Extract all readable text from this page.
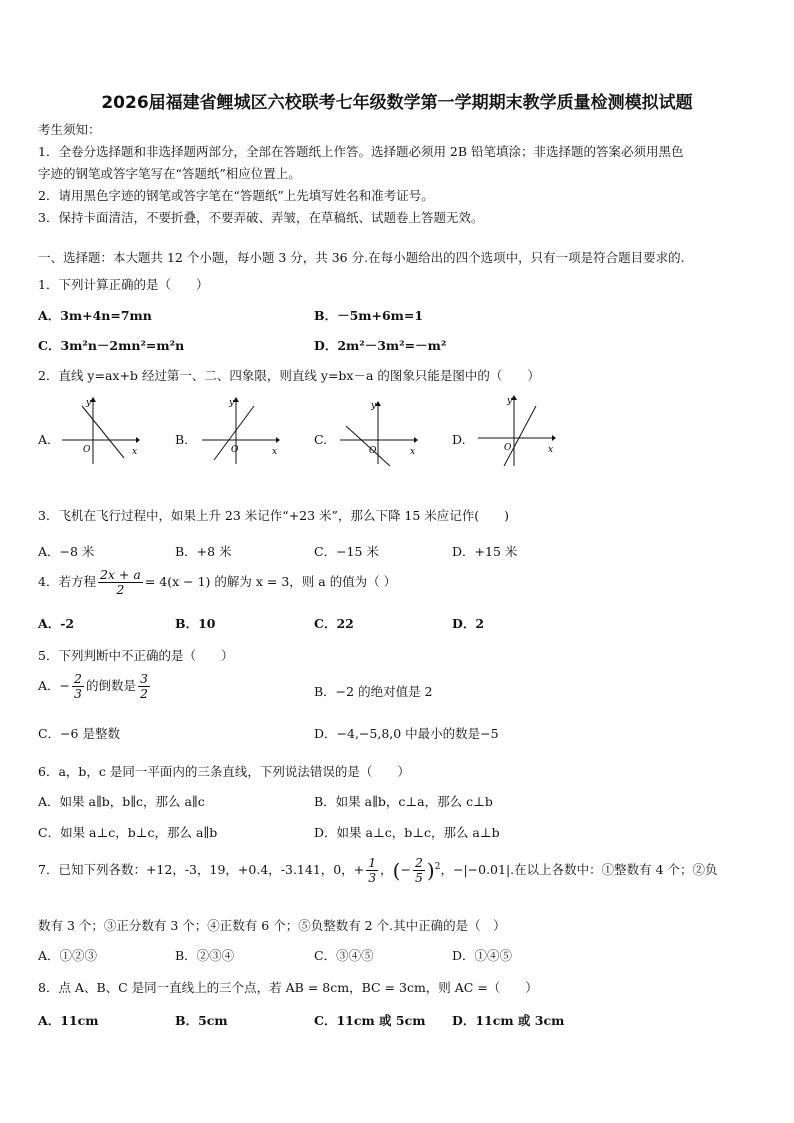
2026届福建省鲤城区六校联考七年级数学第一学期期末教学质量检测模拟试题
考生须知：
1．全卷分选择题和非选择题两部分，全部在答题纸上作答。选择题必须用 2B 铅笔填涂；非选择题的答案必须用黑色
字迹的钢笔或答字笔写在“答题纸”相应位置上。
2．请用黑色字迹的钢笔或答字笔在“答题纸”上先填写姓名和准考证号。
3．保持卡面清洁，不要折叠，不要弄破、弄皱，在草稿纸、试题卷上答题无效。
一、选择题：本大题共 12 个小题，每小题 3 分，共 36 分.在每小题给出的四个选项中，只有一项是符合题目要求的.
1．下列计算正确的是（　　）
A．3m+4n=7mn	B．－5m+6m=1
C．3m²n－2mn²=m²n	D．2m²－3m²=－m²
2．直线 y=ax+b 经过第一、二、四象限，则直线 y=bx－a 的图象只能是图中的（　　）
A.
y
x
O
B.
y
x
O
C.
y
x
O
D.
y
x
O
3．飞机在飞行过程中，如果上升 23 米记作“+23 米”，那么下降 15 米应记作(　　)
A．−8 米	B．+8 米	C．−15 米	D．+15 米
4．若方程 $\frac{2x + a}{2} = 4(x - 1)$ 的解为 x = 3，则 a 的值为（ ）
A．-2	B．10	C．22	D．2
5．下列判断中不正确的是（　　）
A．− $\frac{2}{3}$ 的倒数是 $\frac{3}{2}$	B．−2 的绝对值是 2
C．−6 是整数	D．−4,−5,8,0 中最小的数是−5
6．a，b，c 是同一平面内的三条直线，下列说法错误的是（　　）
A．如果 a∥b，b∥c，那么 a∥c	B．如果 a∥b，c⊥a，那么 c⊥b
C．如果 a⊥c，b⊥c，那么 a∥b	D．如果 a⊥c，b⊥c，那么 a⊥b
7．已知下列各数：+12，-3，19，+0.4，-3.141，0，+ $\frac{1}{3}$ ，(− $\frac{2}{5} )^2$，−|−0.01|.在以上各数中：①整数有 4 个；②负
数有 3 个；③正分数有 3 个；④正数有 6 个；⑤负整数有 2 个.其中正确的是（　）
A．①②③	B．②③④	C．③④⑤	D．①④⑤
8．点 A、B、C 是同一直线上的三个点，若 AB = 8cm，BC = 3cm，则 AC =（　　）
A．11cm	B．5cm	C．11cm 或 5cm D．11cm 或 3cm
